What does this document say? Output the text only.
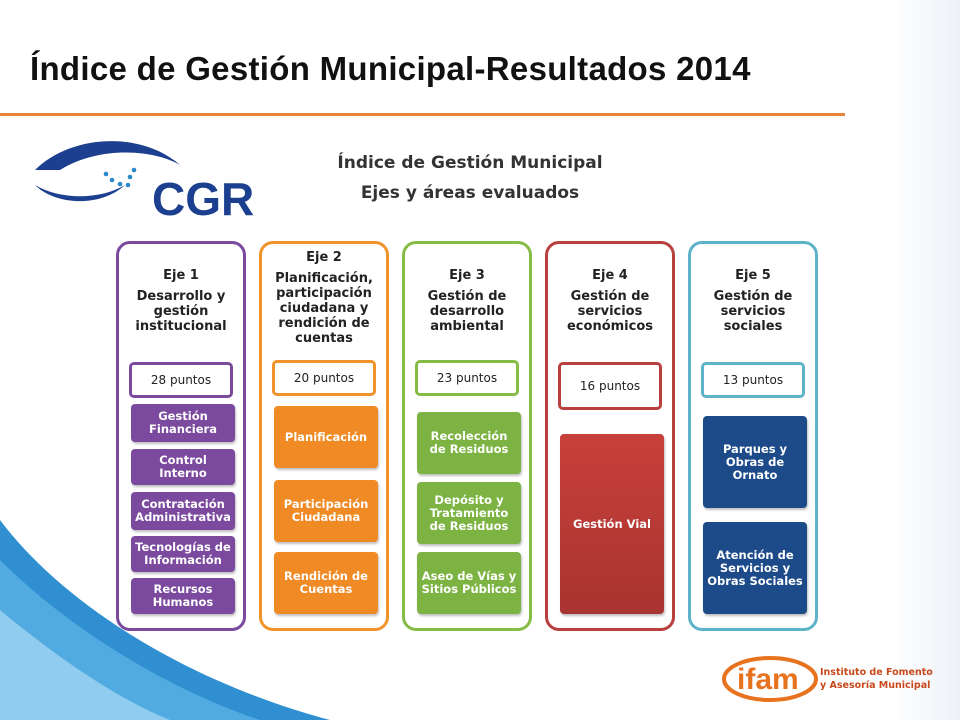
Índice de Gestión Municipal-Resultados 2014
CGR
Índice de Gestión Municipal
Ejes y áreas evaluados
Eje 1
Desarrollo y gestión institucional
28 puntos
Gestión Financiera
Control Interno
Contratación Administrativa
Tecnologías de Información
Recursos Humanos
Eje 2
Planificación, participación ciudadana y rendición de cuentas
20 puntos
Planificación
Participación Ciudadana
Rendición de Cuentas
Eje 3
Gestión de desarrollo ambiental
23 puntos
Recolección de Residuos
Depósito y Tratamiento de Residuos
Aseo de Vías y Sitios Públicos
Eje 4
Gestión de servicios económicos
16 puntos
Gestión Vial
Eje 5
Gestión de servicios sociales
13 puntos
Parques y Obras de Ornato
Atención de Servicios y Obras Sociales
ifam Instituto de Fomento
y Asesoría Municipal
